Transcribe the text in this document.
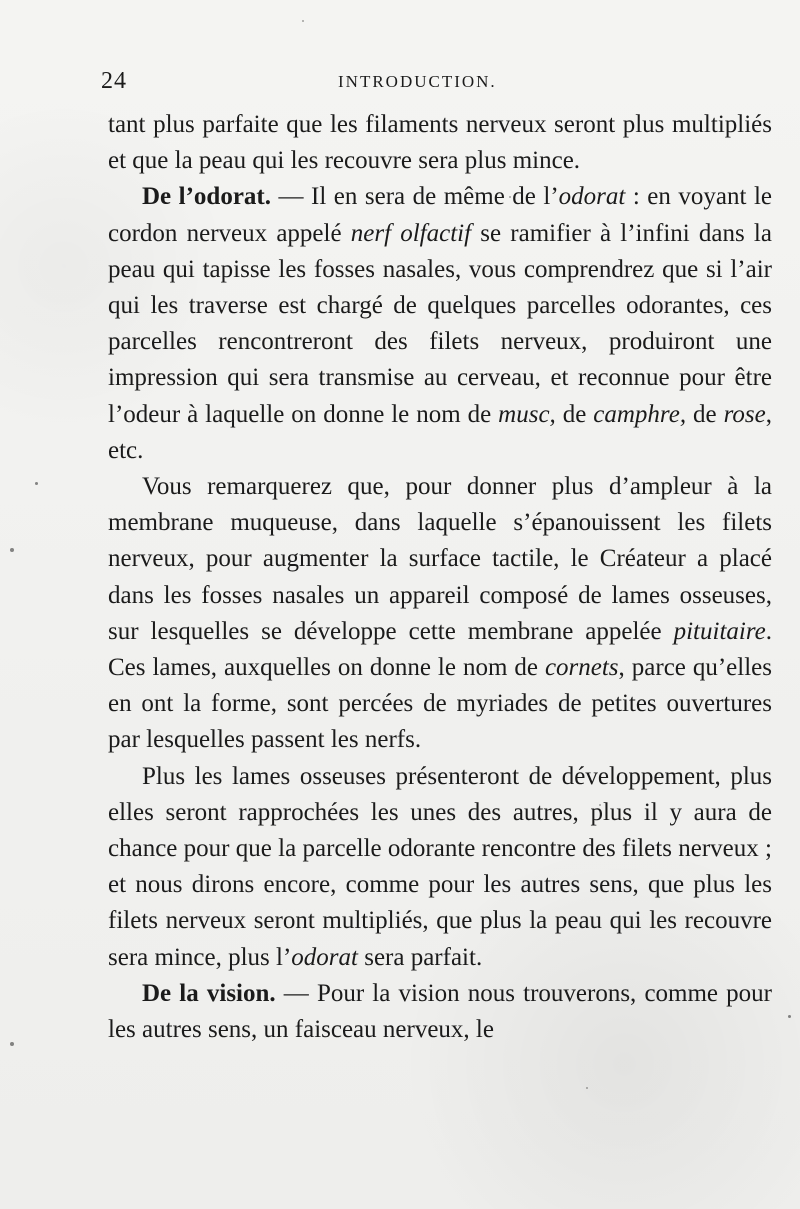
24	INTRODUCTION.

tant plus parfaite que les filaments nerveux seront plus multipliés et que la peau qui les recouvre sera plus mince.

De l’odorat. — Il en sera de même de l’odorat : en voyant le cordon nerveux appelé nerf olfactif se ramifier à l’infini dans la peau qui tapisse les fosses nasales, vous comprendrez que si l’air qui les traverse est chargé de quelques parcelles odorantes, ces parcelles rencontreront des filets nerveux, produiront une impression qui sera transmise au cerveau, et reconnue pour être l’odeur à laquelle on donne le nom de musc, de camphre, de rose, etc.

Vous remarquerez que, pour donner plus d’ampleur à la membrane muqueuse, dans laquelle s’épanouissent les filets nerveux, pour augmenter la surface tactile, le Créateur a placé dans les fosses nasales un appareil composé de lames osseuses, sur lesquelles se développe cette membrane appelée pituitaire. Ces lames, auxquelles on donne le nom de cornets, parce qu’elles en ont la forme, sont percées de myriades de petites ouvertures par lesquelles passent les nerfs.

Plus les lames osseuses présenteront de développement, plus elles seront rapprochées les unes des autres, plus il y aura de chance pour que la parcelle odorante rencontre des filets nerveux ; et nous dirons encore, comme pour les autres sens, que plus les filets nerveux seront multipliés, que plus la peau qui les recouvre sera mince, plus l’odorat sera parfait.

De la vision. — Pour la vision nous trouverons, comme pour les autres sens, un faisceau nerveux, le
